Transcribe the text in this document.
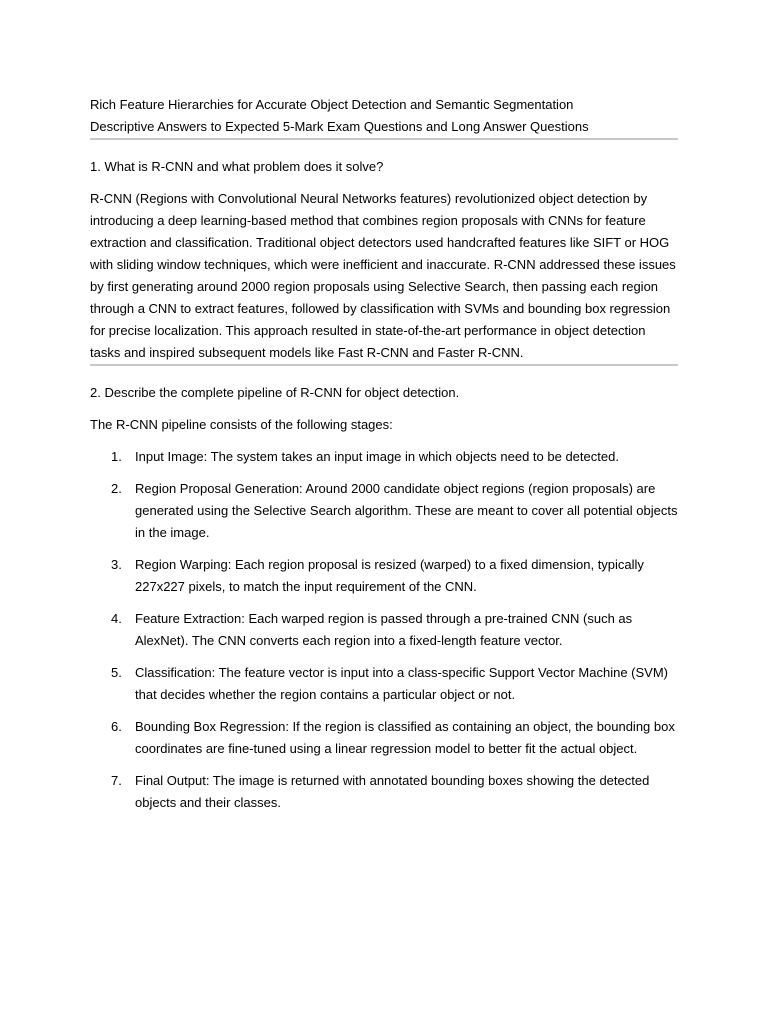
Rich Feature Hierarchies for Accurate Object Detection and Semantic Segmentation

Descriptive Answers to Expected 5-Mark Exam Questions and Long Answer Questions

1. What is R-CNN and what problem does it solve?

R-CNN (Regions with Convolutional Neural Networks features) revolutionized object detection by introducing a deep learning-based method that combines region proposals with CNNs for feature extraction and classification. Traditional object detectors used handcrafted features like SIFT or HOG with sliding window techniques, which were inefficient and inaccurate. R-CNN addressed these issues by first generating around 2000 region proposals using Selective Search, then passing each region through a CNN to extract features, followed by classification with SVMs and bounding box regression for precise localization. This approach resulted in state-of-the-art performance in object detection tasks and inspired subsequent models like Fast R-CNN and Faster R-CNN.

2. Describe the complete pipeline of R-CNN for object detection.

The R-CNN pipeline consists of the following stages:

1. Input Image: The system takes an input image in which objects need to be detected.
2. Region Proposal Generation: Around 2000 candidate object regions (region proposals) are generated using the Selective Search algorithm. These are meant to cover all potential objects in the image.
3. Region Warping: Each region proposal is resized (warped) to a fixed dimension, typically 227x227 pixels, to match the input requirement of the CNN.
4. Feature Extraction: Each warped region is passed through a pre-trained CNN (such as AlexNet). The CNN converts each region into a fixed-length feature vector.
5. Classification: The feature vector is input into a class-specific Support Vector Machine (SVM) that decides whether the region contains a particular object or not.
6. Bounding Box Regression: If the region is classified as containing an object, the bounding box coordinates are fine-tuned using a linear regression model to better fit the actual object.
7. Final Output: The image is returned with annotated bounding boxes showing the detected objects and their classes.
